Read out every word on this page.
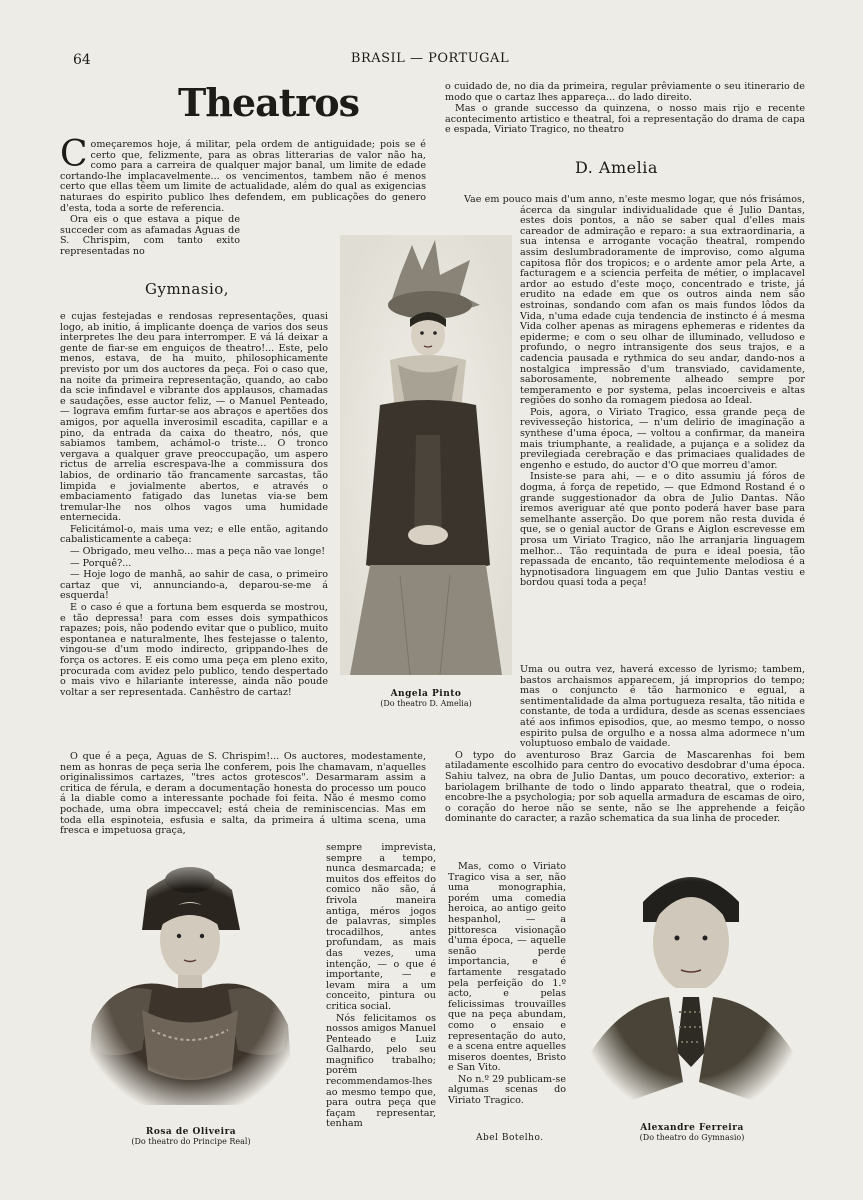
64	BRASIL — PORTUGAL
Theatros
C omeçaremos hoje, á militar, pela ordem de antiguidade; pois se é certo que, felizmente, para as obras litterarias de valor não ha, como para a carreira de qualquer major banal, um limite de edade cortando-lhe implacavelmente... os vencimentos, tambem não é menos certo que ellas têem um limite de actualidade, além do qual as exigencias naturaes do espirito publico lhes defendem, em publicações do genero d'esta, toda a sorte de referencia.

Ora eis o que estava a pique de succeder com as afamadas Aguas de S. Chrispim, com tanto exito representadas no

Gymnasio,

e cujas festejadas e rendosas representações, quasi logo, ab initio, á implicante doença de varios dos seus interpretes lhe deu para interromper. E vá lá deixar a gente de fiar-se em enguiços de theatro!... Este, pelo menos, estava, de ha muito, philosophicamente previsto por um dos auctores da peça. Foi o caso que, na noite da primeira representação, quando, ao cabo da scie infindavel e vibrante dos applausos, chamadas e saudações, esse auctor feliz, — o Manuel Penteado, — lograva emfim furtar-se aos abraços e apertões dos amigos, por aquella inverosimil escadita, capillar e a pino, da entrada da caixa do theatro, nós, que sabiamos tambem, achámol-o triste... O tronco vergava a qualquer grave preoccupação, um aspero rictus de arrelia escrespava-lhe a commissura dos labios, de ordinario tão francamente sarcastas, tão limpida e jovialmente abertos, e através o embaciamento fatigado das lunetas via-se bem tremular-lhe nos olhos vagos uma humidade enternecida.

Felicitámol-o, mais uma vez; e elle então, agitando cabalisticamente a cabeça:

— Obrigado, meu velho... mas a peça não vae longe!

— Porquê?...

— Hoje logo de manhã, ao sahir de casa, o primeiro cartaz que vi, annunciando-a, deparou-se-me á esquerda!

E o caso é que a fortuna bem esquerda se mostrou, e tão depressa! para com esses dois sympathicos rapazes; pois, não podendo evitar que o publico, muito espontanea e naturalmente, lhes festejasse o talento, vingou-se d'um modo indirecto, grippando-lhes de força os actores. E eis como uma peça em pleno exito, procurada com avidez pelo publico, tendo despertado o mais vivo e hilariante interesse, ainda não poude voltar a ser representada. Canhêstro de cartaz!

O que é a peça, Aguas de S. Chrispim!... Os auctores, modestamente, nem as honras de peça seria lhe conferem, pois lhe chamavam, n'aquelles originalissimos cartazes, "tres actos grotescos". Desarmaram assim a critica de férula, e deram a documentação honesta do processo um pouco á la diable como a interessante pochade foi feita. Não é mesmo como pochade, uma obra impeccavel; está cheia de reminiscencias. Mas em toda ella espinoteia, esfusia e salta, da primeira á ultima scena, uma fresca e impetuosa graça,

Angela Pinto
(Do theatro D. Amelia)

o cuidado de, no dia da primeira, regular prêviamente o seu itinerario de modo que o cartaz lhes appareça... do lado direito.

Mas o grande successo da quinzena, o nosso mais rijo e recente acontecimento artistico e theatral, foi a representação do drama de capa e espada, Viriato Tragico, no theatro

D. Amelia

Vae em pouco mais d'um anno, n'este mesmo logar, que nós frisámos, ácerca da singular individualidade que é Julio Dantas, estes dois pontos, a não se saber qual d'elles mais careador de admiração e reparo: a sua extraordinaria, a sua intensa e arrogante vocação theatral, rompendo assim deslumbradoramente de improviso, como alguma capitosa flôr dos tropicos; e o ardente amor pela Arte, a facturagem e a sciencia perfeita de métier, o implacavel ardor ao estudo d'este moço, concentrado e triste, já erudito na edade em que os outros ainda nem são estroinas, sondando com afan os mais fundos lôdos da Vida, n'uma edade cuja tendencia de instincto é á mesma Vida colher apenas as miragens ephemeras e ridentes da epiderme; e com o seu olhar de illuminado, velludoso e profundo, o negro intransigente dos seus trajos, e a cadencia pausada e rythmica do seu andar, dando-nos a nostalgica impressão d'um transviado, cavidamente, saborosamente, nobremente alheado sempre por temperamento e por systema, pelas incoerciveis e altas regiões do sonho da romagem piedosa ao Ideal.

Pois, agora, o Viriato Tragico, essa grande peça de revivesseção historica, — n'um delirio de imaginação a synthese d'uma época, — voltou a confirmar, da maneira mais triumphante, a realidade, a pujança e a solidez da previlegiada cerebração e das primaciaes qualidades de engenho e estudo, do auctor d'O que morreu d'amor.

Insiste-se para ahi, — e o dito assumiu já fóros de dogma, á força de repetido, — que Edmond Rostand é o grande suggestionador da obra de Julio Dantas. Não iremos averiguar até que ponto poderá haver base para semelhante asserção. Do que porem não resta duvida é que, se o genial auctor de Grans e Aiglon escrevesse em prosa um Viriato Tragico, não lhe arranjaria linguagem melhor... Tão requintada de pura e ideal poesia, tão repassada de encanto, tão requintemente melodiosa é a hypnotisadora linguagem em que Julio Dantas vestiu e bordou quasi toda a peça!

Uma ou outra vez, haverá excesso de lyrismo; tambem, bastos archaismos apparecem, já improprios do tempo; mas o conjuncto é tão harmonico e egual, a sentimentalidade da alma portugueza resalta, tão nitida e constante, de toda a urdidura, desde as scenas essenciaes até aos infimos episodios, que, ao mesmo tempo, o nosso espirito pulsa de orgulho e a nossa alma adormece n'um voluptuoso embalo de vaidade.

O typo do aventuroso Braz Garcia de Mascarenhas foi bem atiladamente escolhido para centro do evocativo desdobrar d'uma época. Sahiu talvez, na obra de Julio Dantas, um pouco decorativo, exterior: a bariolagem brilhante de todo o lindo apparato theatral, que o rodeia, encobre-lhe a psychologia; por sob aquella armadura de escamas de oiro, o coração do heroe não se sente, não se lhe apprehende a feição dominante do caracter, a razão schematica da sua linha de proceder.

Mas, como o Viriato Tragico visa a ser, não uma monographia, porém uma comedia heroica, ao antigo geito hespanhol, — a pittoresca visionação d'uma época, — aquelle senão perde importancia, e é fartamente resgatado pela perfeição do 1.º acto, e pelas felicissimas trouvailles que na peça abundam, como o ensaio e representação do auto, e a scena entre aquelles miseros doentes, Bristo e San Vito.

No n.º 29 publicam-se algumas scenas do Viriato Tragico.

Abel Botelho.

sempre imprevista, sempre a tempo, nunca desmarcada; e muitos dos effeitos do comico não são, á frivola maneira antiga, méros jogos de palavras, simples trocadilhos, antes profundam, as mais das vezes, uma intenção, — o que é importante, — e levam mira a um conceito, pintura ou critica social.

Nós felicitamos os nossos amigos Manuel Penteado e Luiz Galhardo, pelo seu magnifico trabalho; porém recommendamos-lhes ao mesmo tempo que, para outra peça que façam representar, tenham

Rosa de Oliveira
(Do theatro do Principe Real)
Alexandre Ferreira
(Do theatro do Gymnasio)
